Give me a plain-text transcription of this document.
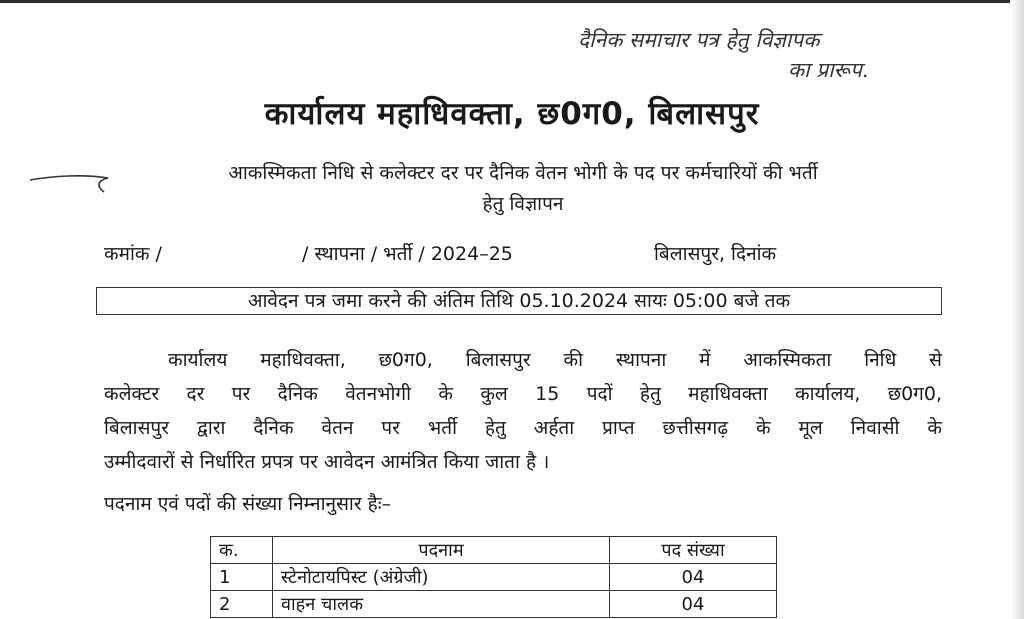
दैनिक समाचार पत्र हेतु विज्ञापक
का प्रारूप.
कार्यालय महाधिवक्ता, छ0ग0, बिलासपुर
आकस्मिकता निधि से कलेक्टर दर पर दैनिक वेतन भोगी के पद पर कर्मचारियों की भर्ती
हेतु विज्ञापन
कमांक /	/ स्थापना / भर्ती / 2024–25	बिलासपुर, दिनांक
आवेदन पत्र जमा करने की अंतिम तिथि 05.10.2024 सायः 05:00 बजे तक
कार्यालय महाधिवक्ता, छ0ग0, बिलासपुर की स्थापना में आकस्मिकता निधि से
कलेक्टर दर पर दैनिक वेतनभोगी के कुल 15 पदों हेतु महाधिवक्ता कार्यालय, छ0ग0,
बिलासपुर द्वारा दैनिक वेतन पर भर्ती हेतु अर्हता प्राप्त छत्तीसगढ़ के मूल निवासी के
उम्मीदवारों से निर्धारित प्रपत्र पर आवेदन आमंत्रित किया जाता है ।
पदनाम एवं पदों की संख्या निम्नानुसार हैः–
क.	पदनाम	पद संख्या
1	स्टेनोटायपिस्ट (अंग्रेजी)	04
2	वाहन चालक	04
